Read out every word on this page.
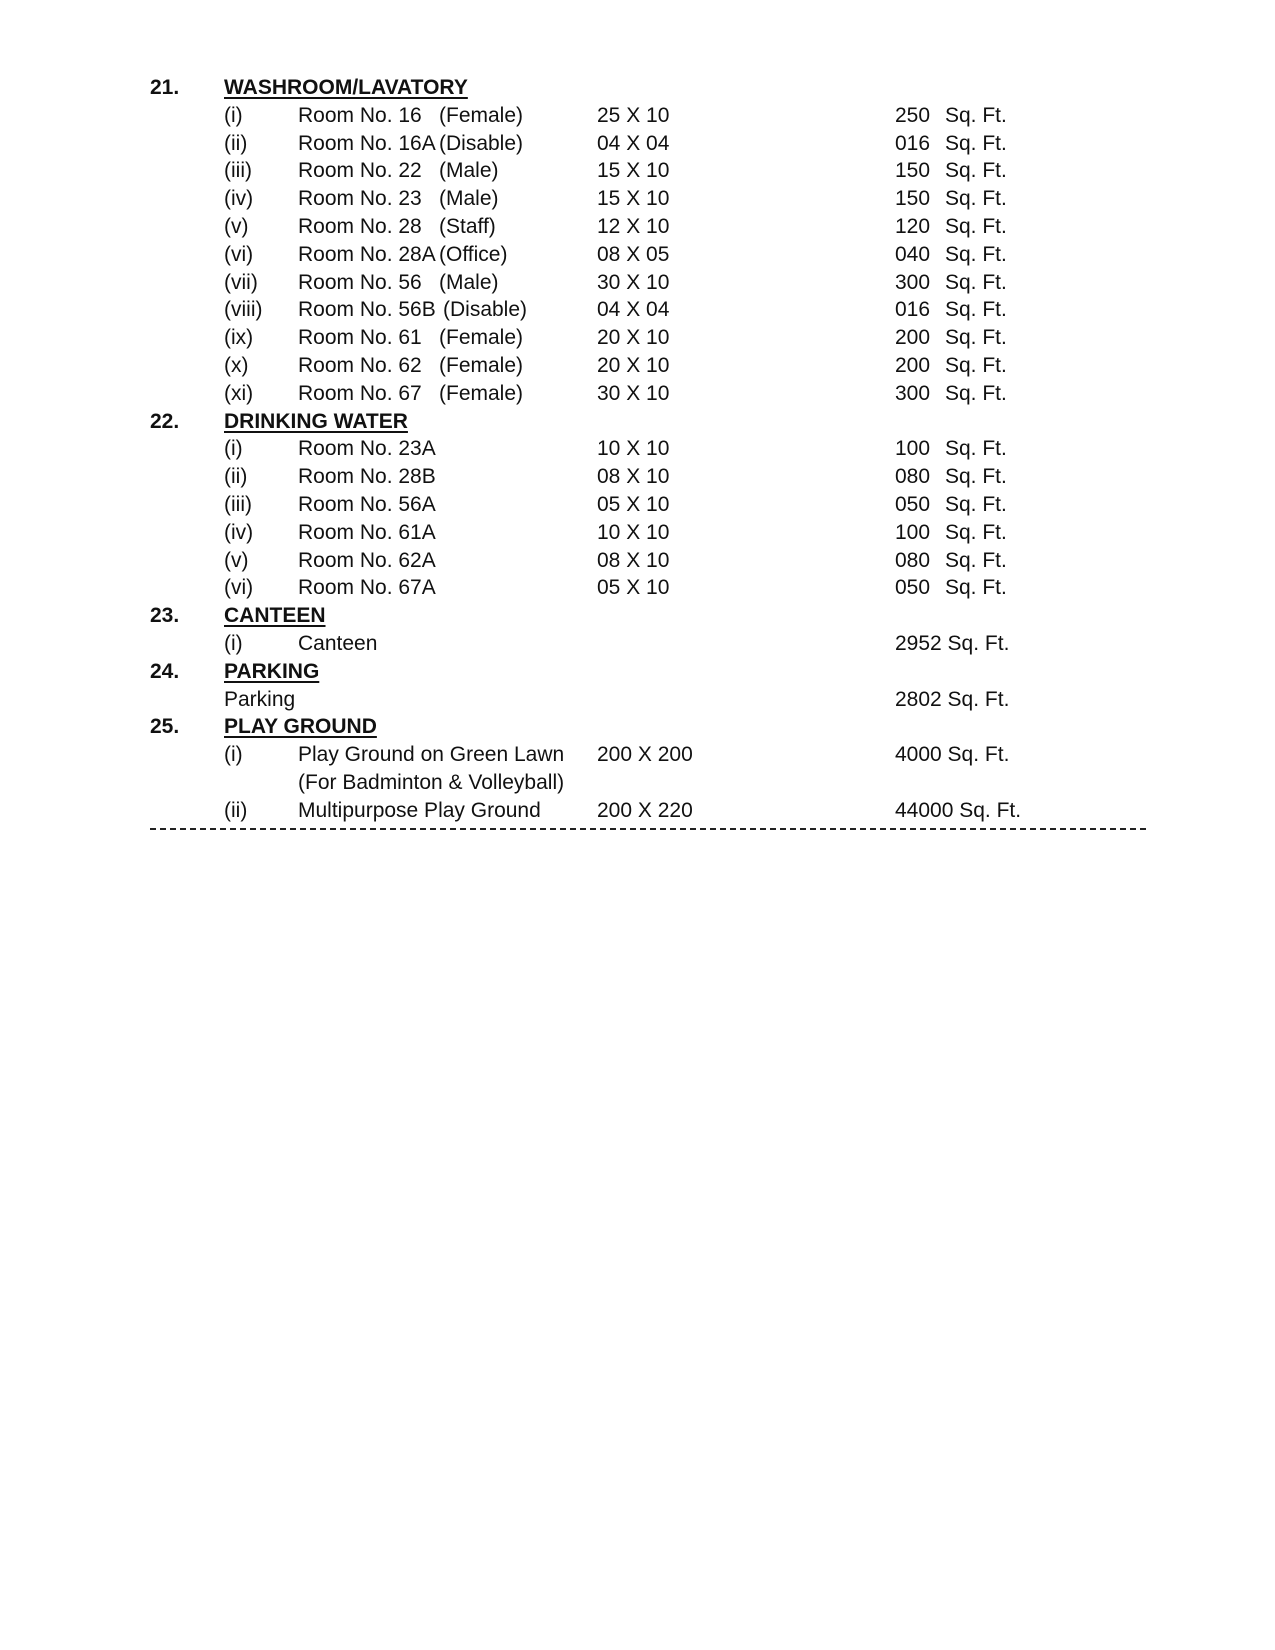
21. WASHROOM/LAVATORY
(i)	Room No. 16 (Female)	25 X 10	250 Sq. Ft.
(ii) Room No. 16A (Disable)	04 X 04	016 Sq. Ft.
(iii) Room No. 22 (Male)	15 X 10	150 Sq. Ft.
(iv) Room No. 23 (Male)	15 X 10	150 Sq. Ft.
(v) Room No. 28 (Staff)	12 X 10	120 Sq. Ft.
(vi) Room No. 28A (Office)	08 X 05	040 Sq. Ft.
(vii) Room No. 56 (Male)	30 X 10	300 Sq. Ft.
(viii) Room No. 56B (Disable)	04 X 04	016 Sq. Ft.
(ix) Room No. 61 (Female)	20 X 10	200 Sq. Ft.
(x) Room No. 62 (Female)	20 X 10	200 Sq. Ft.
(xi) Room No. 67 (Female)	30 X 10	300 Sq. Ft.
22. DRINKING WATER
(i)	Room No. 23A	10 X 10	100 Sq. Ft.
(ii) Room No. 28B	08 X 10	080 Sq. Ft.
(iii) Room No. 56A	05 X 10	050 Sq. Ft.
(iv) Room No. 61A	10 X 10	100 Sq. Ft.
(v) Room No. 62A	08 X 10	080 Sq. Ft.
(vi) Room No. 67A	05 X 10	050 Sq. Ft.
23. CANTEEN
(i)	Canteen	2952 Sq. Ft.
24. PARKING
Parking	2802 Sq. Ft.
25. PLAY GROUND
(i)	Play Ground on Green Lawn 200 X 200	4000 Sq. Ft.
(For Badminton & Volleyball)
(ii) Multipurpose Play Ground	200 X 220	44000 Sq. Ft.
